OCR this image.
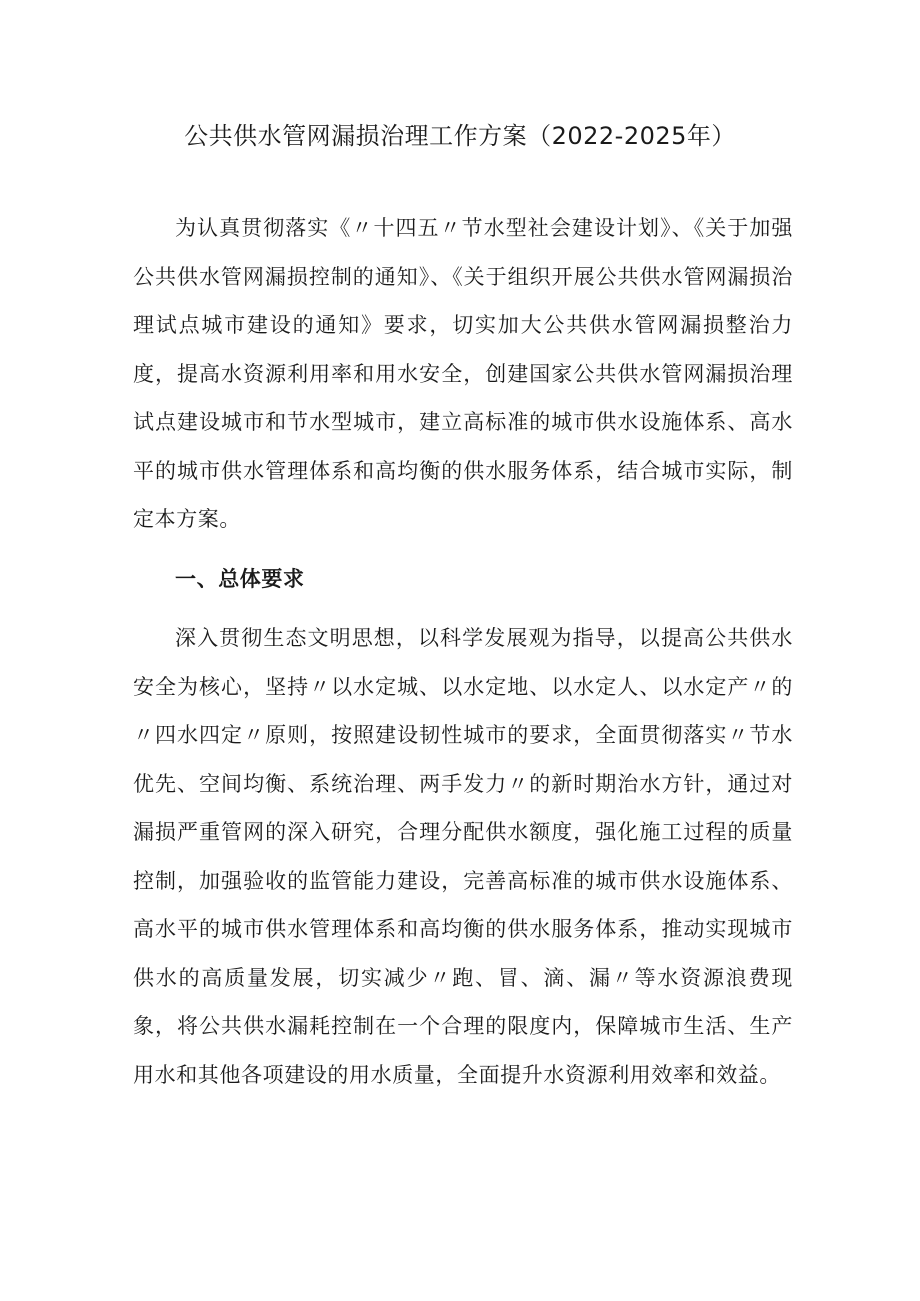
公共供水管网漏损治理工作方案（2022-2025年）

为认真贯彻落实《〃十四五〃节水型社会建设计划》、《关于加强公共供水管网漏损控制的通知》、《关于组织开展公共供水管网漏损治理试点城市建设的通知》要求，切实加大公共供水管网漏损整治力度，提高水资源利用率和用水安全，创建国家公共供水管网漏损治理试点建设城市和节水型城市，建立高标准的城市供水设施体系、高水平的城市供水管理体系和高均衡的供水服务体系，结合城市实际，制定本方案。

一、总体要求

深入贯彻生态文明思想，以科学发展观为指导，以提高公共供水安全为核心，坚持〃以水定城、以水定地、以水定人、以水定产〃的〃四水四定〃原则，按照建设韧性城市的要求，全面贯彻落实〃节水优先、空间均衡、系统治理、两手发力〃的新时期治水方针，通过对漏损严重管网的深入研究，合理分配供水额度，强化施工过程的质量控制，加强验收的监管能力建设，完善高标准的城市供水设施体系、高水平的城市供水管理体系和高均衡的供水服务体系，推动实现城市供水的高质量发展，切实减少〃跑、冒、滴、漏〃等水资源浪费现象，将公共供水漏耗控制在一个合理的限度内，保障城市生活、生产用水和其他各项建设的用水质量，全面提升水资源利用效率和效益。
